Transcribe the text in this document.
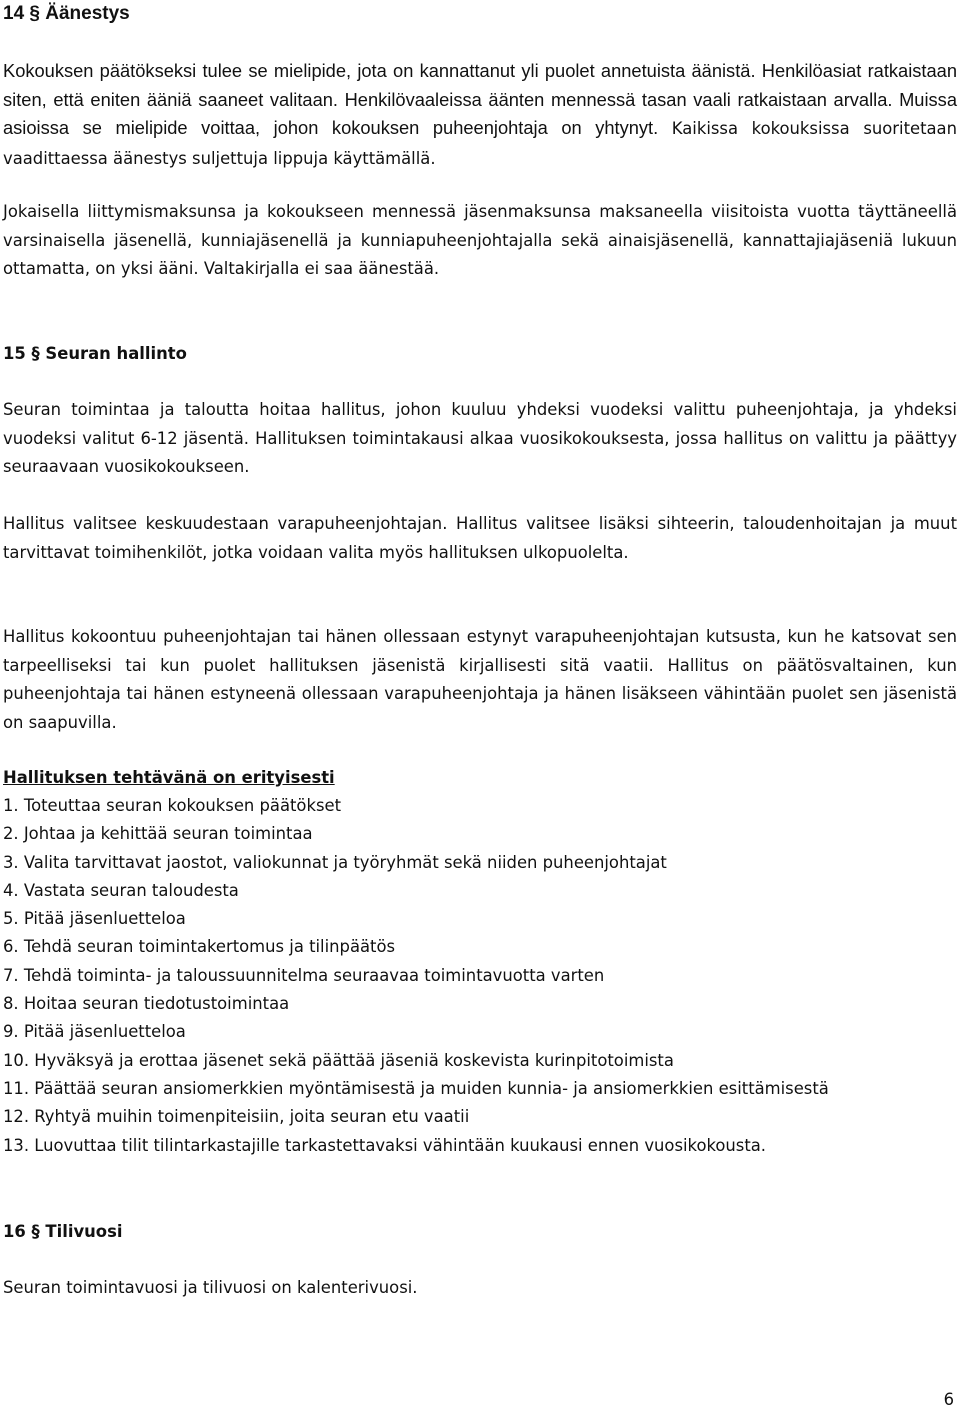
14 § Äänestys

Kokouksen päätökseksi tulee se mielipide, jota on kannattanut yli puolet annetuista äänistä. Henkilöasiat ratkaistaan siten, että eniten ääniä saaneet valitaan. Henkilövaaleissa äänten mennessä tasan vaali ratkaistaan arvalla. Muissa asioissa se mielipide voittaa, johon kokouksen puheenjohtaja on yhtynyt. Kaikissa kokouksissa suoritetaan vaadittaessa äänestys suljettuja lippuja käyttämällä.

Jokaisella liittymismaksunsa ja kokoukseen mennessä jäsenmaksunsa maksaneella viisitoista vuotta täyttäneellä varsinaisella jäsenellä, kunniajäsenellä ja kunniapuheenjohtajalla sekä ainaisjäsenellä, kannattajiajäseniä lukuun ottamatta, on yksi ääni. Valtakirjalla ei saa äänestää.

15 § Seuran hallinto

Seuran toimintaa ja taloutta hoitaa hallitus, johon kuuluu yhdeksi vuodeksi valittu puheenjohtaja, ja yhdeksi vuodeksi valitut 6-12 jäsentä. Hallituksen toimintakausi alkaa vuosikokouksesta, jossa hallitus on valittu ja päättyy seuraavaan vuosikokoukseen.

Hallitus valitsee keskuudestaan varapuheenjohtajan. Hallitus valitsee lisäksi sihteerin, taloudenhoitajan ja muut tarvittavat toimihenkilöt, jotka voidaan valita myös hallituksen ulkopuolelta.

Hallitus kokoontuu puheenjohtajan tai hänen ollessaan estynyt varapuheenjohtajan kutsusta, kun he katsovat sen tarpeelliseksi tai kun puolet hallituksen jäsenistä kirjallisesti sitä vaatii. Hallitus on päätösvaltainen, kun puheenjohtaja tai hänen estyneenä ollessaan varapuheenjohtaja ja hänen lisäkseen vähintään puolet sen jäsenistä on saapuvilla.

Hallituksen tehtävänä on erityisesti
1. Toteuttaa seuran kokouksen päätökset
2. Johtaa ja kehittää seuran toimintaa
3. Valita tarvittavat jaostot, valiokunnat ja työryhmät sekä niiden puheenjohtajat
4. Vastata seuran taloudesta
5. Pitää jäsenluetteloa
6. Tehdä seuran toimintakertomus ja tilinpäätös
7. Tehdä toiminta- ja taloussuunnitelma seuraavaa toimintavuotta varten
8. Hoitaa seuran tiedotustoimintaa
9. Pitää jäsenluetteloa
10. Hyväksyä ja erottaa jäsenet sekä päättää jäseniä koskevista kurinpitotoimista
11. Päättää seuran ansiomerkkien myöntämisestä ja muiden kunnia- ja ansiomerkkien esittämisestä
12. Ryhtyä muihin toimenpiteisiin, joita seuran etu vaatii
13. Luovuttaa tilit tilintarkastajille tarkastettavaksi vähintään kuukausi ennen vuosikokousta.
16 § Tilivuosi

Seuran toimintavuosi ja tilivuosi on kalenterivuosi.

6
